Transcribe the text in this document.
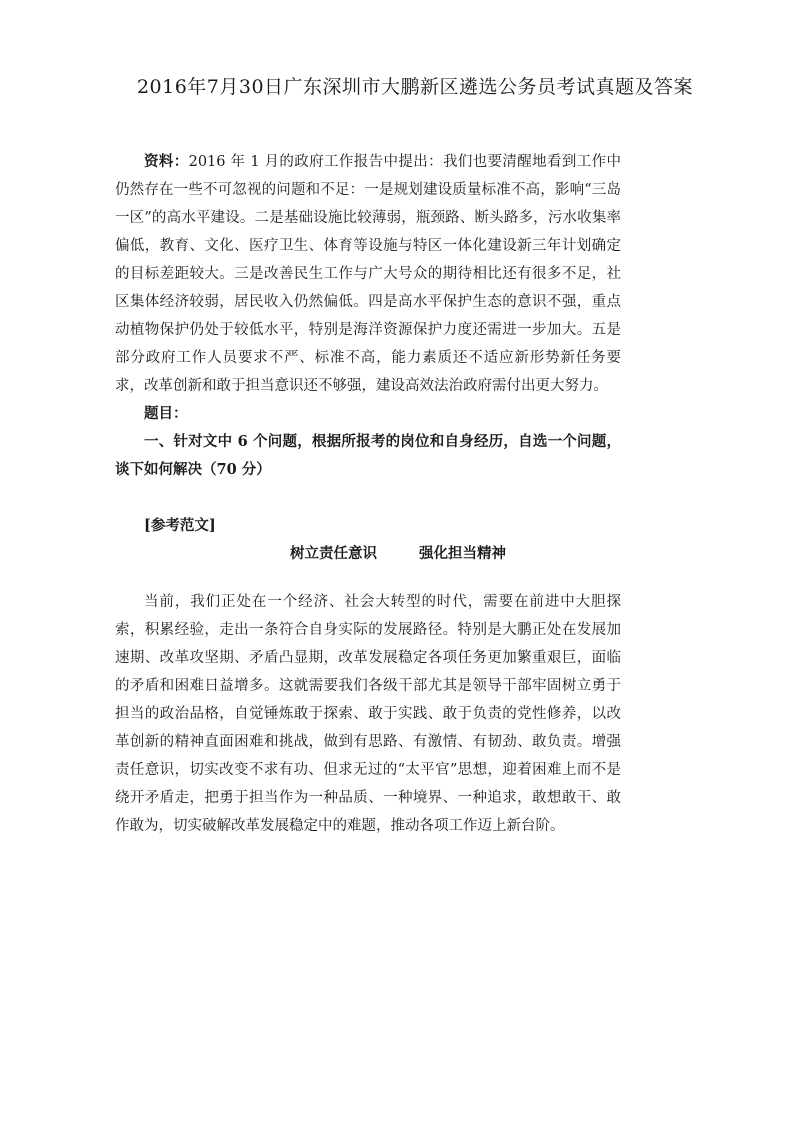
2016年7月30日广东深圳市大鹏新区遴选公务员考试真题及答案

资料：2016 年 1 月的政府工作报告中提出：我们也要清醒地看到工作中仍然存在一些不可忽视的问题和不足：一是规划建设质量标准不高，影响“三岛一区”的高水平建设。二是基础设施比较薄弱，瓶颈路、断头路多，污水收集率偏低，教育、文化、医疗卫生、体育等设施与特区一体化建设新三年计划确定的目标差距较大。三是改善民生工作与广大号众的期待相比还有很多不足，社区集体经济较弱，居民收入仍然偏低。四是高水平保护生态的意识不强，重点动植物保护仍处于较低水平，特别是海洋资源保护力度还需进一步加大。五是部分政府工作人员要求不严、标准不高，能力素质还不适应新形势新任务要求，改革创新和敢于担当意识还不够强，建设高效法治政府需付出更大努力。

题目：

一、针对文中 6 个问题，根据所报考的岗位和自身经历，自选一个问题，谈下如何解决（70 分）

[参考范文]

树立责任意识	强化担当精神

当前，我们正处在一个经济、社会大转型的时代，需要在前进中大胆探索，积累经验，走出一条符合自身实际的发展路径。特别是大鹏正处在发展加速期、改革攻坚期、矛盾凸显期，改革发展稳定各项任务更加繁重艰巨，面临的矛盾和困难日益增多。这就需要我们各级干部尤其是领导干部牢固树立勇于担当的政治品格，自觉锤炼敢于探索、敢于实践、敢于负责的党性修养，以改革创新的精神直面困难和挑战，做到有思路、有激情、有韧劲、敢负责。增强责任意识，切实改变不求有功、但求无过的“太平官”思想，迎着困难上而不是绕开矛盾走，把勇于担当作为一种品质、一种境界、一种追求，敢想敢干、敢作敢为，切实破解改革发展稳定中的难题，推动各项工作迈上新台阶。
